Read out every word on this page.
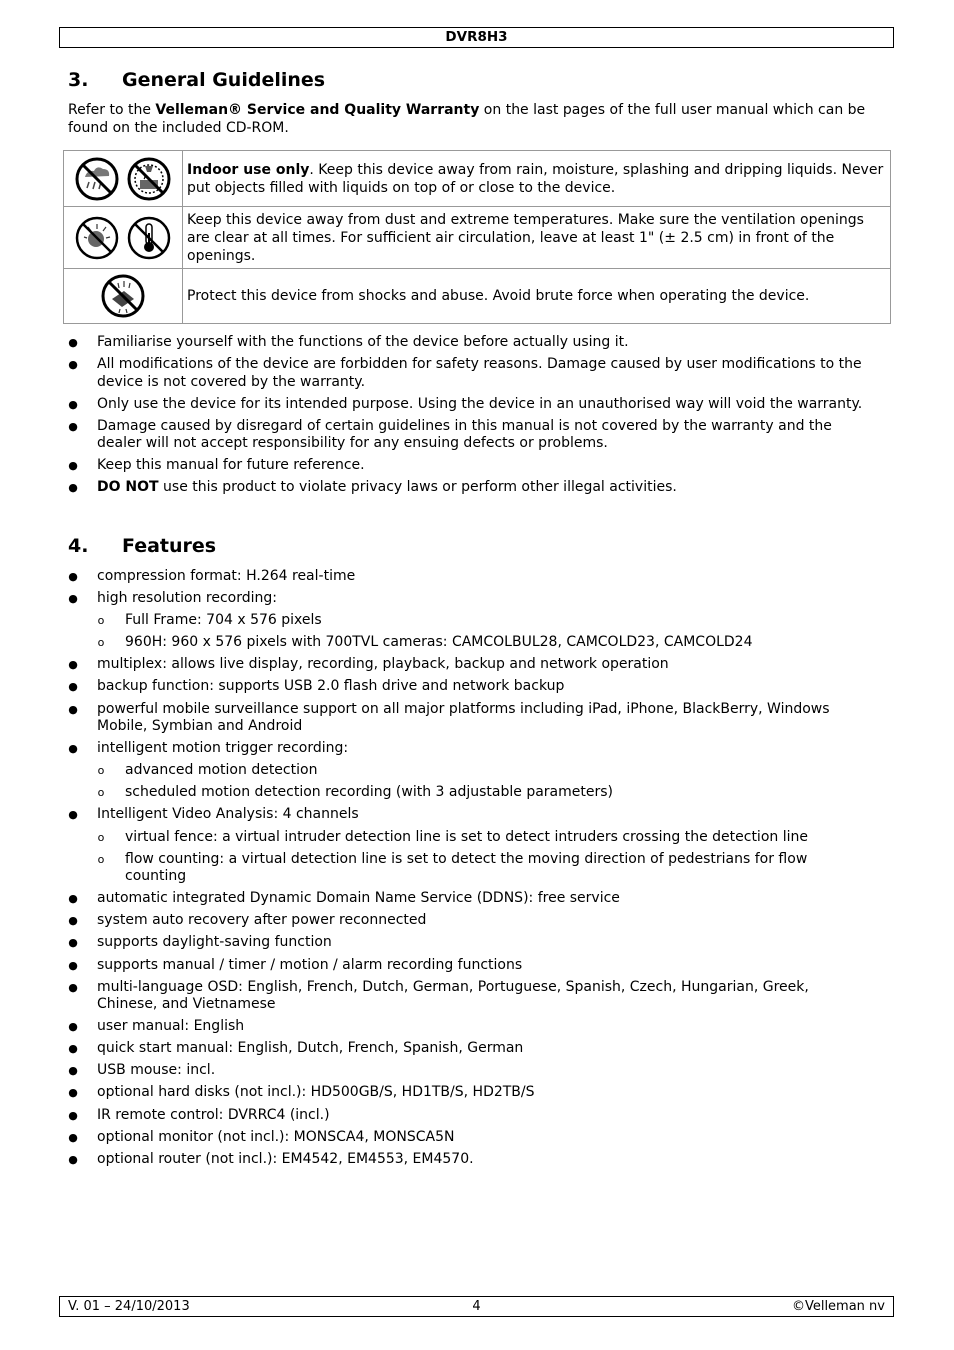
DVR8H3
3. General Guidelines

Refer to the Velleman® Service and Quality Warranty on the last pages of the full user manual which can be found on the included CD-ROM.

	Indoor use only. Keep this device away from rain, moisture, splashing and dripping liquids. Never put objects filled with liquids on top of or close to the device.
	Keep this device away from dust and extreme temperatures. Make sure the ventilation openings are clear at all times. For sufficient air circulation, leave at least 1" (± 2.5 cm) in front of the openings.
	Protect this device from shocks and abuse. Avoid brute force when operating the device.
● Familiarise yourself with the functions of the device before actually using it.
● All modifications of the device are forbidden for safety reasons. Damage caused by user modifications to the device is not covered by the warranty.
● Only use the device for its intended purpose. Using the device in an unauthorised way will void the warranty.
● Damage caused by disregard of certain guidelines in this manual is not covered by the warranty and the dealer will not accept responsibility for any ensuing defects or problems.
● Keep this manual for future reference.
● DO NOT use this product to violate privacy laws or perform other illegal activities.
4. Features
● compression format: H.264 real-time
● high resolution recording:
o Full Frame: 704 x 576 pixels
o 960H: 960 x 576 pixels with 700TVL cameras: CAMCOLBUL28, CAMCOLD23, CAMCOLD24
● multiplex: allows live display, recording, playback, backup and network operation
● backup function: supports USB 2.0 flash drive and network backup
● powerful mobile surveillance support on all major platforms including iPad, iPhone, BlackBerry, Windows Mobile, Symbian and Android
● intelligent motion trigger recording:
o advanced motion detection
o scheduled motion detection recording (with 3 adjustable parameters)
● Intelligent Video Analysis: 4 channels
o virtual fence: a virtual intruder detection line is set to detect intruders crossing the detection line
o flow counting: a virtual detection line is set to detect the moving direction of pedestrians for flow counting
● automatic integrated Dynamic Domain Name Service (DDNS): free service
● system auto recovery after power reconnected
● supports daylight-saving function
● supports manual / timer / motion / alarm recording functions
● multi-language OSD: English, French, Dutch, German, Portuguese, Spanish, Czech, Hungarian, Greek, Chinese, and Vietnamese
● user manual: English
● quick start manual: English, Dutch, French, Spanish, German
● USB mouse: incl.
● optional hard disks (not incl.): HD500GB/S, HD1TB/S, HD2TB/S
● IR remote control: DVRRC4 (incl.)
● optional monitor (not incl.): MONSCA4, MONSCA5N
● optional router (not incl.): EM4542, EM4553, EM4570.
V. 01 – 24/10/2013	4	©Velleman nv
